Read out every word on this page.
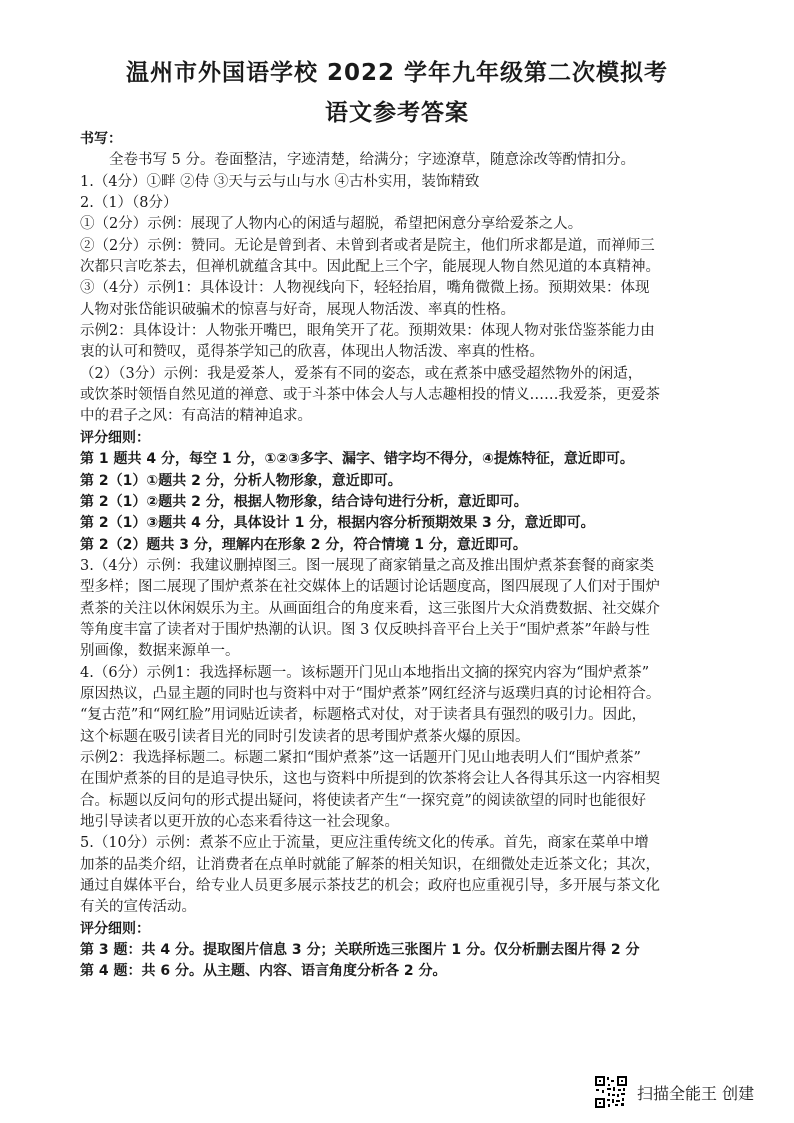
温州市外国语学校 2022 学年九年级第二次模拟考
语文参考答案
书写：
　　全卷书写 5 分。卷面整洁，字迹清楚，给满分；字迹潦草，随意涂改等酌情扣分。
1.（4分）①畔 ②侍 ③天与云与山与水 ④古朴实用，装饰精致
2.（1）（8分）
①（2分）示例：展现了人物内心的闲适与超脱，希望把闲意分享给爱茶之人。
②（2分）示例：赞同。无论是曾到者、未曾到者或者是院主，他们所求都是道，而禅师三
次都只言吃茶去，但禅机就蕴含其中。因此配上三个字，能展现人物自然见道的本真精神。
③（4分）示例1：具体设计：人物视线向下，轻轻抬眉，嘴角微微上扬。预期效果：体现
人物对张岱能识破骗术的惊喜与好奇，展现人物活泼、率真的性格。
示例2：具体设计：人物张开嘴巴，眼角笑开了花。预期效果：体现人物对张岱鉴茶能力由
衷的认可和赞叹，觅得茶学知己的欣喜，体现出人物活泼、率真的性格。
（2）（3分）示例：我是爱茶人，爱茶有不同的姿态，或在煮茶中感受超然物外的闲适，
或饮茶时领悟自然见道的禅意、或于斗茶中体会人与人志趣相投的情义……我爱茶，更爱茶
中的君子之风：有高洁的精神追求。
评分细则：
第 1 题共 4 分，每空 1 分，①②③多字、漏字、错字均不得分，④提炼特征，意近即可。
第 2（1）①题共 2 分，分析人物形象，意近即可。
第 2（1）②题共 2 分，根据人物形象，结合诗句进行分析，意近即可。
第 2（1）③题共 4 分，具体设计 1 分，根据内容分析预期效果 3 分，意近即可。
第 2（2）题共 3 分，理解内在形象 2 分，符合情境 1 分，意近即可。
3.（4分）示例：我建议删掉图三。图一展现了商家销量之高及推出围炉煮茶套餐的商家类
型多样；图二展现了围炉煮茶在社交媒体上的话题讨论话题度高，图四展现了人们对于围炉
煮茶的关注以休闲娱乐为主。从画面组合的角度来看，这三张图片大众消费数据、社交媒介
等角度丰富了读者对于围炉热潮的认识。图 3 仅反映抖音平台上关于“围炉煮茶”年龄与性
别画像，数据来源单一。
4.（6分）示例1：我选择标题一。该标题开门见山本地指出文摘的探究内容为“围炉煮茶”
原因热议，凸显主题的同时也与资料中对于“围炉煮茶”网红经济与返璞归真的讨论相符合。
“复古范”和“网红脸”用词贴近读者，标题格式对仗，对于读者具有强烈的吸引力。因此，
这个标题在吸引读者目光的同时引发读者的思考围炉煮茶火爆的原因。
示例2：我选择标题二。标题二紧扣“围炉煮茶”这一话题开门见山地表明人们“围炉煮茶”
在围炉煮茶的目的是追寻快乐，这也与资料中所提到的饮茶将会让人各得其乐这一内容相契
合。标题以反问句的形式提出疑问，将使读者产生“一探究竟”的阅读欲望的同时也能很好
地引导读者以更开放的心态来看待这一社会现象。
5.（10分）示例：煮茶不应止于流量，更应注重传统文化的传承。首先，商家在菜单中增
加茶的品类介绍，让消费者在点单时就能了解茶的相关知识，在细微处走近茶文化；其次，
通过自媒体平台，给专业人员更多展示茶技艺的机会；政府也应重视引导，多开展与茶文化
有关的宣传活动。
评分细则：
第 3 题：共 4 分。提取图片信息 3 分；关联所选三张图片 1 分。仅分析删去图片得 2 分
第 4 题：共 6 分。从主题、内容、语言角度分析各 2 分。
扫描全能王 创建
